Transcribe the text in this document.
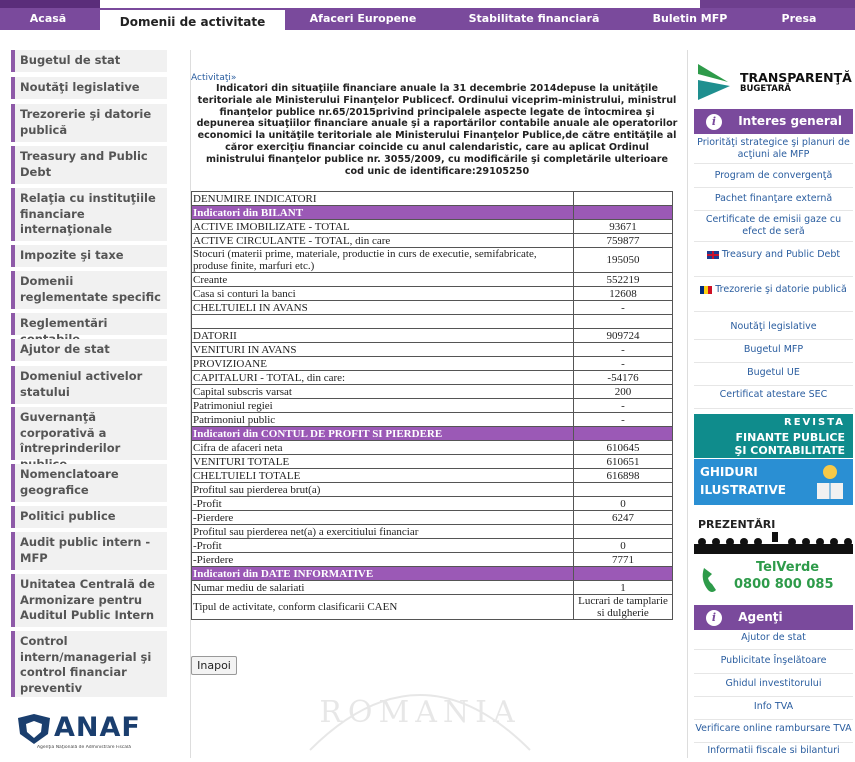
Acasă	Domenii de activitate	Afaceri Europene	Stabilitate financiară	Buletin MFP	Presa
Bugetul de stat
Noutăţi legislative
Trezorerie şi datorie publică
Treasury and Public Debt
Relaţia cu instituţiile financiare internaţionale
Impozite şi taxe
Domenii reglementate specific
Reglementări
Ajutor de stat
Domeniul activelor statului
Guvernanţă corporativă a întreprinderilor
Nomenclatoare geografice
Politici publice
Audit public intern - MFP
Unitatea Centrală de Armonizare pentru Auditul Public Intern
Control intern/managerial şi control financiar preventiv
ANAF
Agenţia Naţională de Administrare Fiscală
ROMANIA
Activitaţi»
Indicatori din situaţiile financiare anuale la 31 decembrie 2014depuse la unităţile teritoriale ale Ministerului Finanţelor Publicecf. Ordinului viceprim-ministrului, ministrul finanţelor publice nr.65/2015privind principalele aspecte legate de întocmirea şi depunerea situaţiilor financiare anuale şi a raportărilor contabile anuale ale operatorilor economici la unităţile teritoriale ale Ministerului Finanţelor Publice,de către entităţile al căror exerciţiu financiar coincide cu anul calendaristic, care au aplicat Ordinul ministrului finanţelor publice nr. 3055/2009, cu modificările şi completările ulterioare
cod unic de identificare:29105250
DENUMIRE INDICATORI	
Indicatori din BILANT	
ACTIVE IMOBILIZATE - TOTAL	93671
ACTIVE CIRCULANTE - TOTAL, din care	759877
Stocuri (materii prime, materiale, productie in curs de executie, semifabricate, produse finite, marfuri etc.)	195050
Creante	552219
Casa si conturi la banci	12608
CHELTUIELI IN AVANS	-

DATORII	909724
VENITURI IN AVANS	-
PROVIZIOANE	-
CAPITALURI - TOTAL, din care:	-54176
Capital subscris varsat	200
Patrimoniul regiei	-
Patrimoniul public	-
Indicatori din CONTUL DE PROFIT SI PIERDERE	
Cifra de afaceri neta	610645
VENITURI TOTALE	610651
CHELTUIELI TOTALE	616898
Profitul sau pierderea brut(a)	
-Profit	0
-Pierdere	6247
Profitul sau pierderea net(a) a exercitiului financiar	
-Profit	0
-Pierdere	7771
Indicatori din DATE INFORMATIVE	
Numar mediu de salariati	1
Tipul de activitate, conform clasificarii CAEN	Lucrari de tamplarie si dulgherie
Inapoi
TRANSPARENŢĂ
BUGETARĂ
i Interes general
Priorităţi strategice şi planuri de acţiuni ale MFP
Program de convergenţă
Pachet finanţare externă
Certificate de emisii gaze cu efect de seră
Treasury and Public Debt
Trezorerie şi datorie publică
Noutăţi legislative
Bugetul MFP
Bugetul UE
Certificat atestare SEC
REVISTA
FINANTE PUBLICE
ŞI CONTABILITATE
GHIDURI
ILUSTRATIVE
PREZENTĂRI
TelVerde
0800 800 085
i Agenţi economici
Ajutor de stat
Publicitate Înşelătoare
Ghidul investitorului
Info TVA
Verificare online rambursare TVA
Informatii fiscale si bilanturi
